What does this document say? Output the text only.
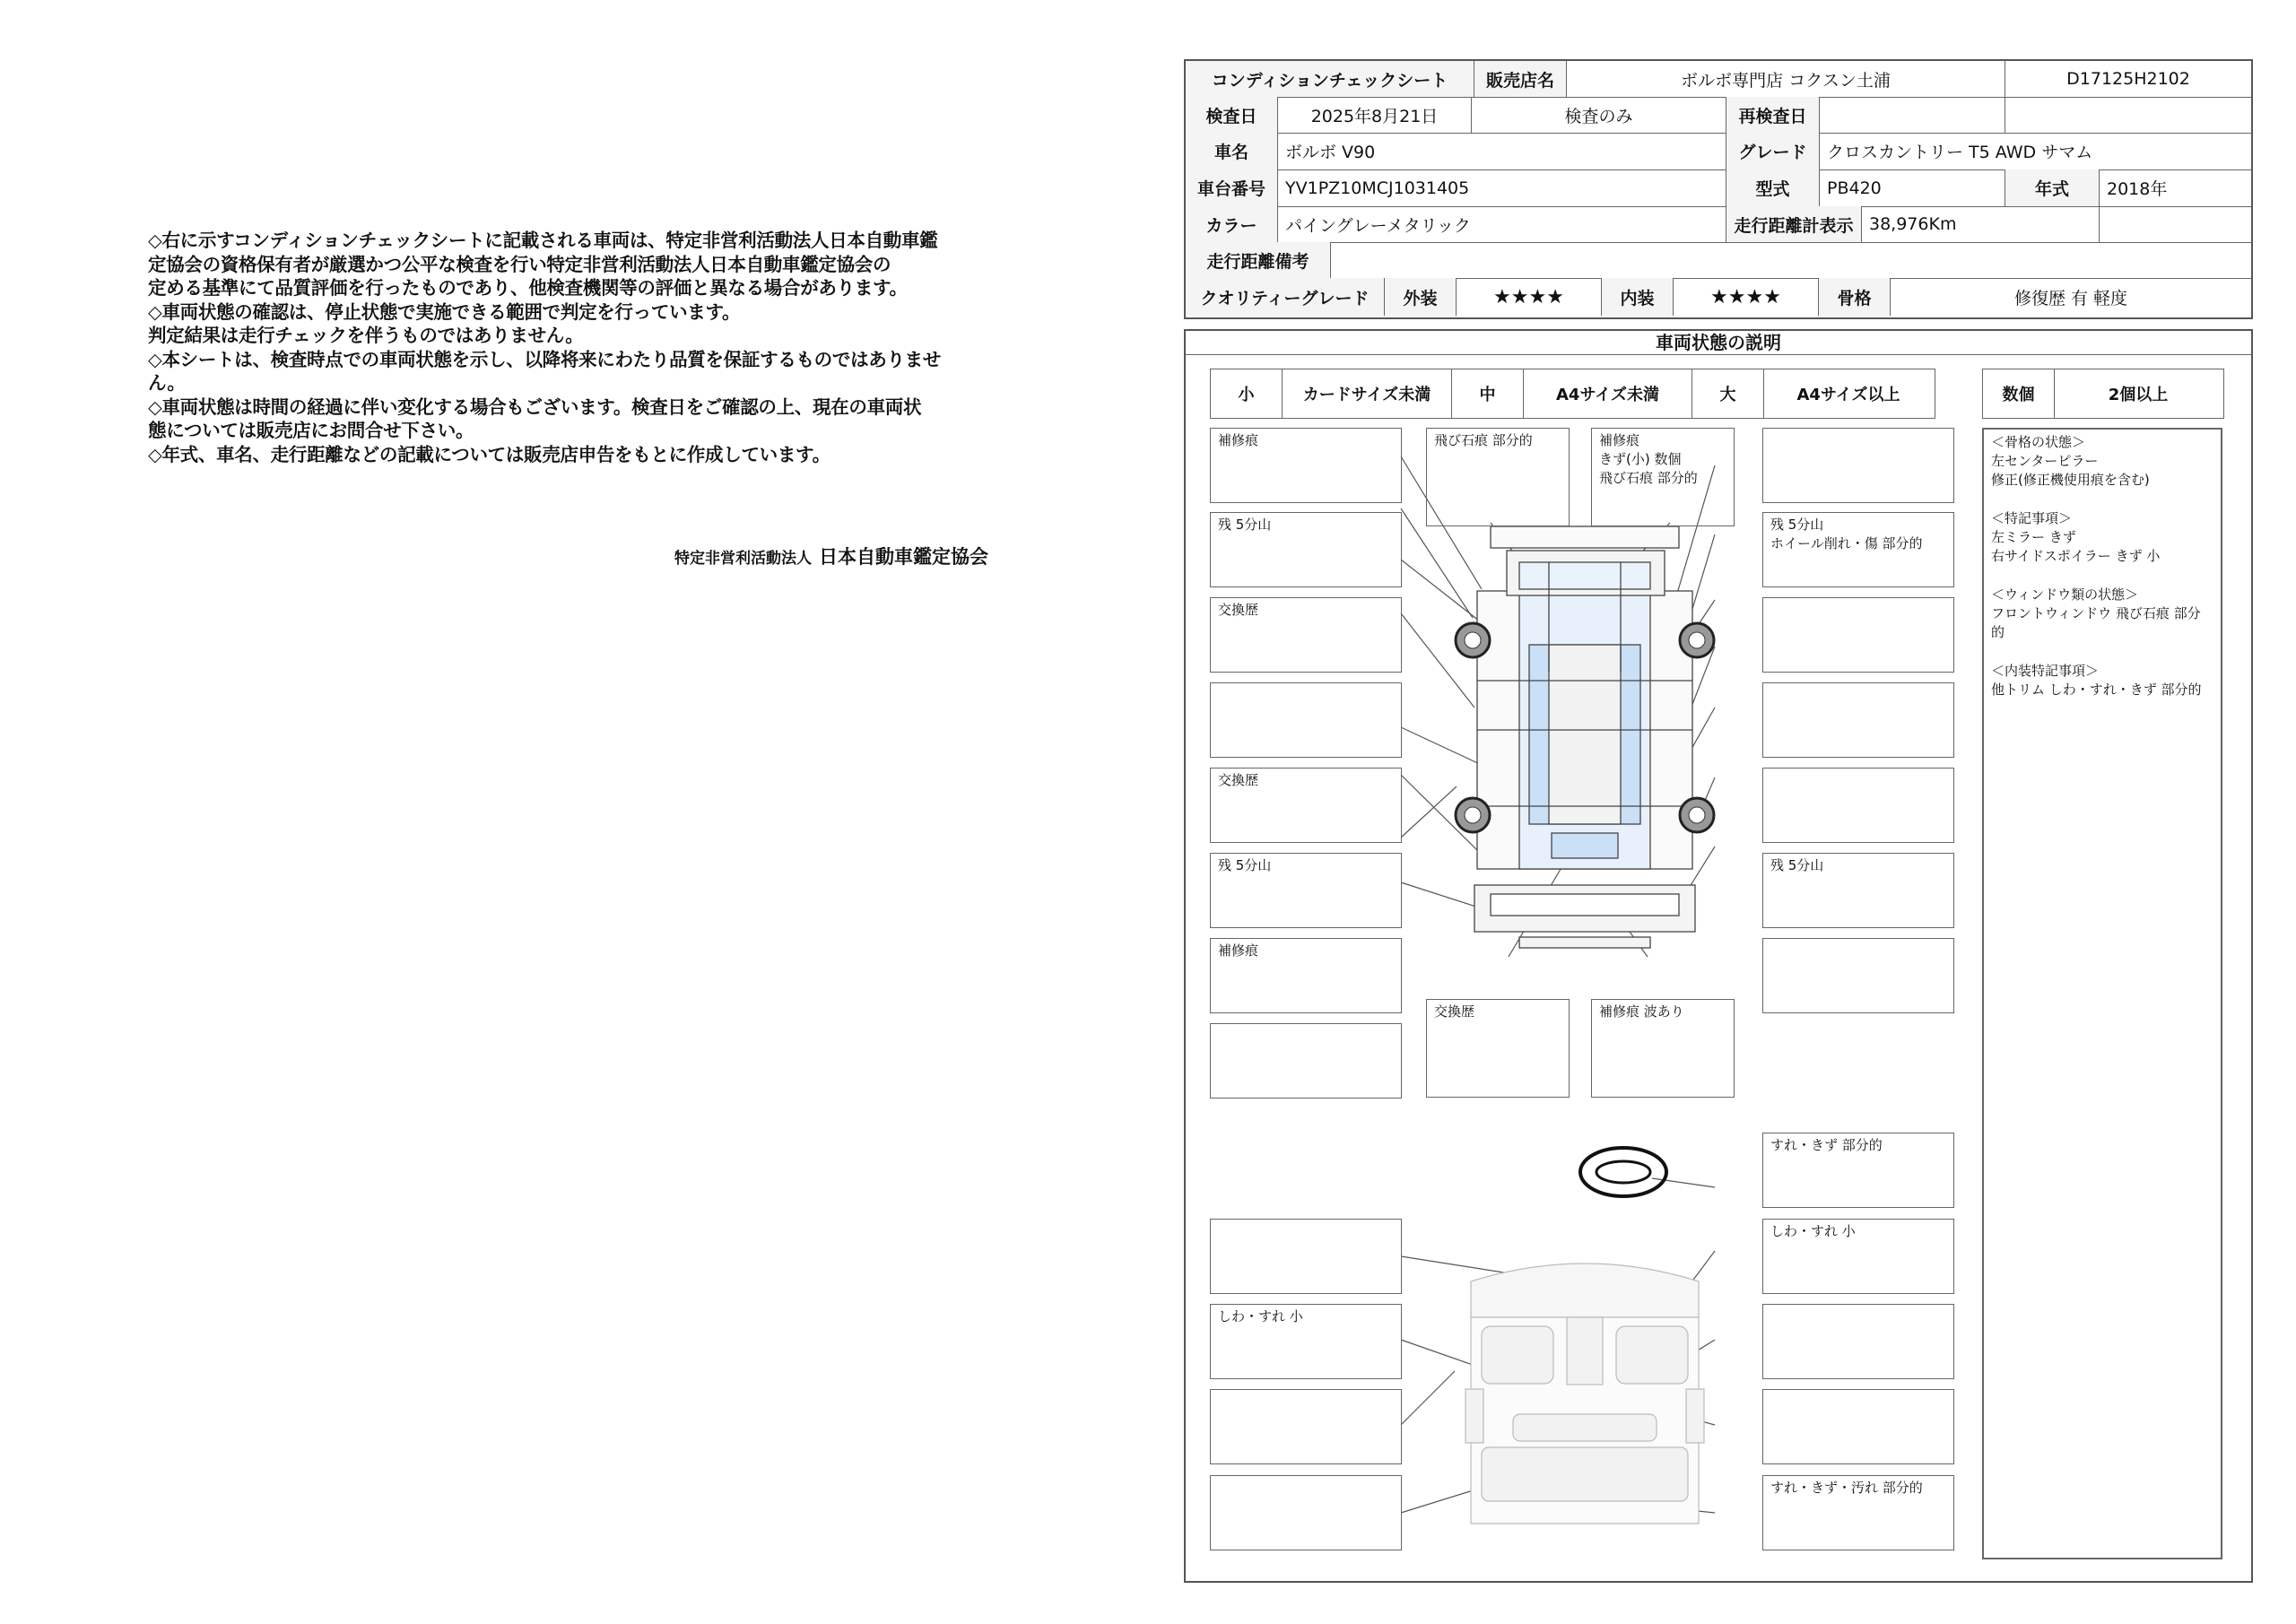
◇右に示すコンディションチェックシートに記載される車両は、特定非営利活動法人日本自動車鑑

定協会の資格保有者が厳選かつ公平な検査を行い特定非営利活動法人日本自動車鑑定協会の

定める基準にて品質評価を行ったものであり、他検査機関等の評価と異なる場合があります。

◇車両状態の確認は、停止状態で実施できる範囲で判定を行っています。

判定結果は走行チェックを伴うものではありません。

◇本シートは、検査時点での車両状態を示し、以降将来にわたり品質を保証するものではありませ

ん。

◇車両状態は時間の経過に伴い変化する場合もございます。検査日をご確認の上、現在の車両状

態については販売店にお問合せ下さい。

◇年式、車名、走行距離などの記載については販売店申告をもとに作成しています。

特定非営利活動法人 日本自動車鑑定協会
コンディションチェックシート	販売店名	ボルボ専門店 コクスン土浦	D17125H2102
検査日	2025年8月21日	検査のみ	再検査日
車名	ボルボ V90	グレード	クロスカントリー T5 AWD サマム
車台番号	YV1PZ10MCJ1031405	型式	PB420	年式	2018年
カラー	パイングレーメタリック	走行距離計表示 38,976Km
走行距離備考
クオリティーグレード	外装	★★★★	内装	★★★★	骨格	修復歴 有 軽度
車両状態の説明
小	カードサイズ未満	中	A4サイズ未満	大	A4サイズ以上	数個	2個以上
補修痕
残 5分山
交換歴
交換歴
残 5分山
補修痕
飛び石痕 部分的	補修痕
きず(小) 数個
飛び石痕 部分的
残 5分山
ホイール削れ・傷 部分的
残 5分山
交換歴	補修痕 波あり
すれ・きず 部分的
しわ・すれ 小
しわ・すれ 小
すれ・きず・汚れ 部分的

＜骨格の状態＞

左センターピラー

修正(修正機使用痕を含む)

＜特記事項＞

左ミラー きず

右サイドスポイラー きず 小

＜ウィンドウ類の状態＞

フロントウィンドウ 飛び石痕 部分的

＜内装特記事項＞

他トリム しわ・すれ・きず 部分的
